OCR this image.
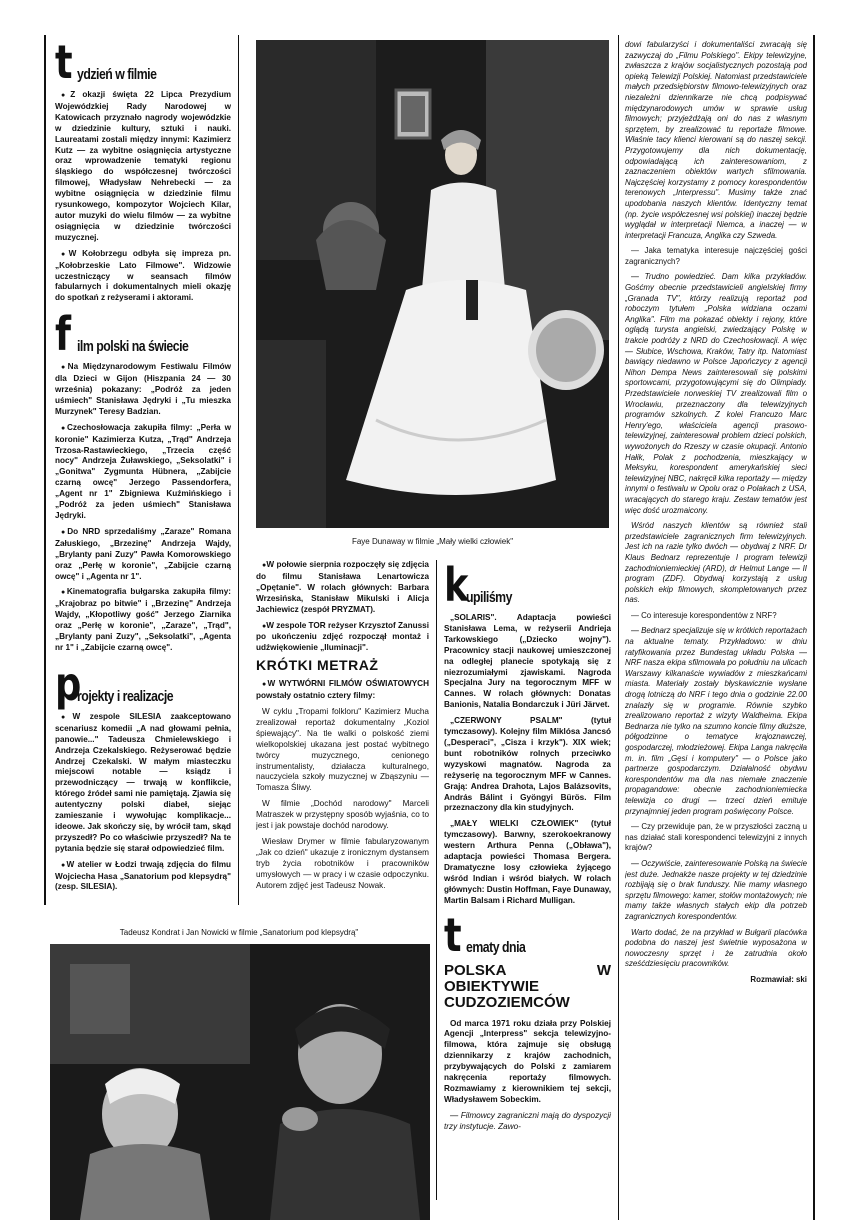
t ydzień w filmie

● Z okazji święta 22 Lipca Prezydium Wojewódzkiej Rady Narodowej w Katowicach przyznało nagrody wojewódzkie w dziedzinie kultury, sztuki i nauki. Laureatami zostali między innymi: Kazimierz Kutz — za wybitne osiągnięcia artystyczne oraz wprowadzenie tematyki regionu śląskiego do współczesnej twórczości filmowej, Władysław Nehrebecki — za wybitne osiągnięcia w dziedzinie filmu rysunkowego, kompozytor Wojciech Kilar, autor muzyki do wielu filmów — za wybitne osiągnięcia w dziedzinie twórczości muzycznej.

● W Kołobrzegu odbyła się impreza pn. „Kołobrzeskie Lato Filmowe". Widzowie uczestniczący w seansach filmów fabularnych i dokumentalnych mieli okazję do spotkań z reżyserami i aktorami.

f ilm polski na świecie

● Na Międzynarodowym Festiwalu Filmów dla Dzieci w Gijon (Hiszpania 24 — 30 września) pokazany: „Podróż za jeden uśmiech" Stanisława Jędryki i „Tu mieszka Murzynek" Teresy Badzian.

● Czechosłowacja zakupiła filmy: „Perła w koronie" Kazimierza Kutza, „Trąd" Andrzeja Trzosa-Rastawieckiego, „Trzecia część nocy" Andrzeja Żuławskiego, „Seksolatki" i „Gonitwa" Zygmunta Hübnera, „Zabijcie czarną owcę" Jerzego Passendorfera, „Agent nr 1" Zbigniewa Kuźmińskiego i „Podróż za jeden uśmiech" Stanisława Jędryki.

● Do NRD sprzedaliśmy „Zaraze" Romana Załuskiego, „Brzezinę" Andrzeja Wajdy, „Brylanty pani Zuzy" Pawła Komorowskiego oraz „Perłę w koronie", „Zabijcie czarną owcę" i „Agenta nr 1".

● Kinematografia bułgarska zakupiła filmy: „Krajobraz po bitwie" i „Brzezinę" Andrzeja Wajdy, „Kłopotliwy gość" Jerzego Ziarnika oraz „Perłę w koronie", „Zaraze", „Trąd", „Brylanty pani Zuzy", „Seksolatki", „Agenta nr 1" i „Zabijcie czarną owcę".

p
rojekty i realizacje

● W zespole SILESIA zaakceptowano scenariusz komedii „A nad głowami pełnia, panowie..." Tadeusza Chmielewskiego i Andrzeja Czekalskiego. Reżyserować będzie Andrzej Czekalski. W małym miasteczku miejscowi notable — ksiądz i przewodniczący — trwają w konflikcie, którego źródeł sami nie pamiętają. Zjawia się autentyczny polski diabeł, siejąc zamieszanie i wywołując komplikacje... ideowe. Jak skończy się, by wrócił tam, skąd przyszedł? Po co właściwie przyszedł? Na te pytania będzie się starał odpowiedzieć film.

● W atelier w Łodzi trwają zdjęcia do filmu Wojciecha Hasa „Sanatorium pod klepsydrą" (zesp. SILESIA).

Faye Dunaway w filmie „Mały wielki człowiek"

● W połowie sierpnia rozpoczęły się zdjęcia do filmu Stanisława Lenartowicza „Opętanie". W rolach głównych: Barbara Wrzesińska, Stanisław Mikulski i Alicja Jachiewicz (zespół PRYZMAT).

● W zespole TOR reżyser Krzysztof Zanussi po ukończeniu zdjęć rozpoczął montaż i udźwiękowienie „Iluminacji".

KRÓTKI METRAŻ

● W WYTWÓRNI FILMÓW OŚWIATOWYCH powstały ostatnio cztery filmy:

W cyklu „Tropami folkloru" Kazimierz Mucha zrealizował reportaż dokumentalny „Koziol śpiewający". Na tle walki o polskość ziemi wielkopolskiej ukazana jest postać wybitnego twórcy muzycznego, cenionego instrumentalisty, działacza kulturalnego, nauczyciela szkoły muzycznej w Zbąszyniu — Tomasza Śliwy.

W filmie „Dochód narodowy" Marceli Matraszek w przystępny sposób wyjaśnia, co to jest i jak powstaje dochód narodowy.

Wiesław Drymer w filmie fabularyzowanym „Jak co dzień" ukazuje z ironicznym dystansem tryb życia robotników i pracowników umysłowych — w pracy i w czasie odpoczynku. Autorem zdjęć jest Tadeusz Nowak.

k
upiliśmy

„SOLARIS". Adaptacja powieści Stanisława Lema, w reżyserii Andrieja Tarkowskiego („Dziecko wojny"). Pracownicy stacji naukowej umieszczonej na odległej planecie spotykają się z niezrozumiałymi zjawiskami. Nagroda Specjalna Jury na tegorocznym MFF w Cannes. W rolach głównych: Donatas Banionis, Natalia Bondarczuk i Jüri Järvet.

„CZERWONY PSALM" (tytuł tymczasowy). Kolejny film Miklósa Jancsó („Desperaci", „Cisza i krzyk"). XIX wiek; bunt robotników rolnych przeciwko wyzyskowi magnatów. Nagroda za reżyserię na tegorocznym MFF w Cannes. Grają: Andrea Drahota, Lajos Balázsovits, András Bálint i Gyöngyi Bürös. Film przeznaczony dla kin studyjnych.

„MAŁY WIELKI CZŁOWIEK" (tytuł tymczasowy). Barwny, szerokoekranowy western Arthura Penna („Obława"), adaptacja powieści Thomasa Bergera. Dramatyczne losy człowieka żyjącego wśród Indian i wśród białych. W rolach głównych: Dustin Hoffman, Faye Dunaway, Martin Balsam i Richard Mulligan.

t ematy dnia
POLSKA W OBIEKTYWIE CUDZOZIEMCÓW

Od marca 1971 roku działa przy Polskiej Agencji „Interpress" sekcja telewizyjno-filmowa, która zajmuje się obsługą dziennikarzy z krajów zachodnich, przybywających do Polski z zamiarem nakręcenia reportaży filmowych. Rozmawiamy z kierownikiem tej sekcji, Władysławem Sobeckim.

— Filmowcy zagraniczni mają do dyspozycji trzy instytucje. Zawo-

dowi fabularzyści i dokumentaliści zwracają się zazwyczaj do „Filmu Polskiego". Ekipy telewizyjne, zwłaszcza z krajów socjalistycznych pozostają pod opieką Telewizji Polskiej. Natomiast przedstawiciele małych przedsiębiorstw filmowo-telewizyjnych oraz niezależni dziennikarze nie chcą podpisywać międzynarodowych umów w sprawie usług filmowych; przyjeżdżają oni do nas z własnym sprzętem, by zrealizować tu reportaże filmowe. Właśnie tacy klienci kierowani są do naszej sekcji. Przygotowujemy dla nich dokumentację, odpowiadającą ich zainteresowaniom, z zaznaczeniem obiektów wartych sfilmowania. Najczęściej korzystamy z pomocy korespondentów terenowych „Interpressu". Musimy także znać upodobania naszych klientów. Identyczny temat (np. życie współczesnej wsi polskiej) inaczej będzie wyglądał w interpretacji Niemca, a inaczej — w interpretacji Francuza, Anglika czy Szweda.

— Jaka tematyka interesuje najczęściej gości zagranicznych?

— Trudno powiedzieć. Dam kilka przykładów. Gośćmy obecnie przedstawicieli angielskiej firmy „Granada TV", którzy realizują reportaż pod roboczym tytułem „Polska widziana oczami Anglika". Film ma pokazać obiekty i rejony, które oglądą turysta angielski, zwiedzający Polskę w trakcie podróży z NRD do Czechosłowacji. A więc — Słubice, Wschowa, Kraków, Tatry itp. Natomiast bawiący niedawno w Polsce Japończycy z agencji Nihon Dempa News zainteresowali się polskimi sportowcami, przygotowującymi się do Olimpiady. Przedstawiciele norweskiej TV zrealizowali film o Wrocławiu, przeznaczony dla telewizyjnych programów szkolnych. Z kolei Francuzo Marc Henry'ego, właściciela agencji prasowo-telewizyjnej, zainteresował problem dzieci polskich, wywożonych do Rzeszy w czasie okupacji. Antonio Hałik, Polak z pochodzenia, mieszkający w Meksyku, korespondent amerykańskiej sieci telewizyjnej NBC, nakręcił kilka reportaży — między innymi o festiwalu w Opolu oraz o Polakach z USA, wracających do starego kraju. Zestaw tematów jest więc dość urozmaicony.

Wśród naszych klientów są również stali przedstawiciele zagranicznych firm telewizyjnych. Jest ich na razie tylko dwóch — obydwaj z NRF. Dr Klaus Bednarz reprezentuje I program telewizji zachodnioniemieckiej (ARD), dr Helmut Lange — II program (ZDF). Obydwaj korzystają z usług polskich ekip filmowych, skompletowanych przez nas.

— Co interesuje korespondentów z NRF?

— Bednarz specjalizuje się w krótkich reportażach na aktualne tematy. Przykładowo: w dniu ratyfikowania przez Bundestag układu Polska — NRF nasza ekipa sfilmowała po południu na ulicach Warszawy kilkanaście wywiadów z mieszkańcami miasta. Materiały zostały błyskawicznie wysłane drogą lotniczą do NRF i tego dnia o godzinie 22.00 znalazły się w programie. Równie szybko zrealizowano reportaż z wizyty Waldheima. Ekipa Bednarza nie tylko na szumno koncie filmy dłuższe, półgodzinne o tematyce krajoznawczej, gospodarczej, młodzieżowej. Ekipa Langa nakręciła m. in. film „Gęsi i komputery" — o Polsce jako partnerze gospodarczym. Działalność obydwu korespondentów ma dla nas niemałe znaczenie propagandowe: obecnie zachodnioniemiecka telewizja co drugi — trzeci dzień emituje przynajmniej jeden program poświęcony Polsce.

— Czy przewiduje pan, że w przyszłości zaczną u nas działać stali korespondenci telewizyjni z innych krajów?

— Oczywiście, zainteresowanie Polską na świecie jest duże. Jednakże nasze projekty w tej dziedzinie rozbijają się o brak funduszy. Nie mamy własnego sprzętu filmowego: kamer, stołów montażowych; nie mamy także własnych stałych ekip dla potrzeb zagranicznych korespondentów.

Warto dodać, że na przykład w Bułgarii placówka podobna do naszej jest świetnie wyposażona w nowoczesny sprzęt i że zatrudnia około sześćdziesięciu pracowników.

Rozmawiał: ski
Tadeusz Kondrat i Jan Nowicki w filmie „Sanatorium pod klepsydrą"
